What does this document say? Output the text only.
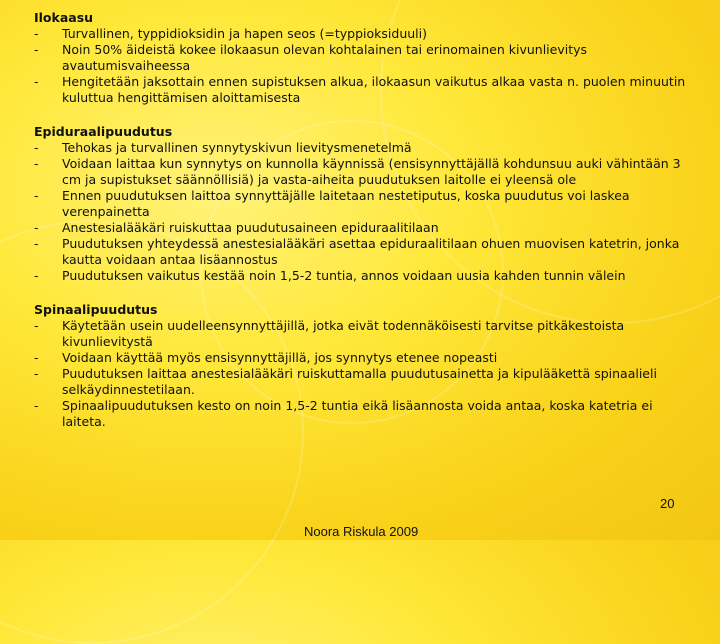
Ilokaasu
-	Turvallinen, typpidioksidin ja hapen seos (=typpioksiduuli)
-	Noin 50% äideistä kokee ilokaasun olevan kohtalainen tai erinomainen kivunlievitys avautumisvaiheessa
-	Hengitetään jaksottain ennen supistuksen alkua, ilokaasun vaikutus alkaa vasta n. puolen minuutin kuluttua hengittämisen aloittamisesta
Epiduraalipuudutus
-	Tehokas ja turvallinen synnytyskivun lievitysmenetelmä
-	Voidaan laittaa kun synnytys on kunnolla käynnissä (ensisynnyttäjällä kohdunsuu auki vähintään 3 cm ja supistukset säännöllisiä) ja vasta-aiheita puudutuksen laitolle ei yleensä ole
-	Ennen puudutuksen laittoa synnyttäjälle laitetaan nestetiputus, koska puudutus voi laskea verenpainetta
-	Anestesialääkäri ruiskuttaa puudutusaineen epiduraalitilaan
-	Puudutuksen yhteydessä anestesialääkäri asettaa epiduraalitilaan ohuen muovisen katetrin, jonka kautta voidaan antaa lisäannostus
-	Puudutuksen vaikutus kestää noin 1,5-2 tuntia, annos voidaan uusia kahden tunnin välein
Spinaalipuudutus
-	Käytetään usein uudelleensynnyttäjillä, jotka eivät todennäköisesti tarvitse pitkäkestoista kivunlievitystä
-	Voidaan käyttää myös ensisynnyttäjillä, jos synnytys etenee nopeasti
-	Puudutuksen laittaa anestesialääkäri ruiskuttamalla puudutusainetta ja kipulääkettä spinaalieli selkäydinnestetilaan.
-	Spinaalipuudutuksen kesto on noin 1,5-2 tuntia eikä lisäannosta voida antaa, koska katetria ei laiteta.
20
Noora Riskula 2009
